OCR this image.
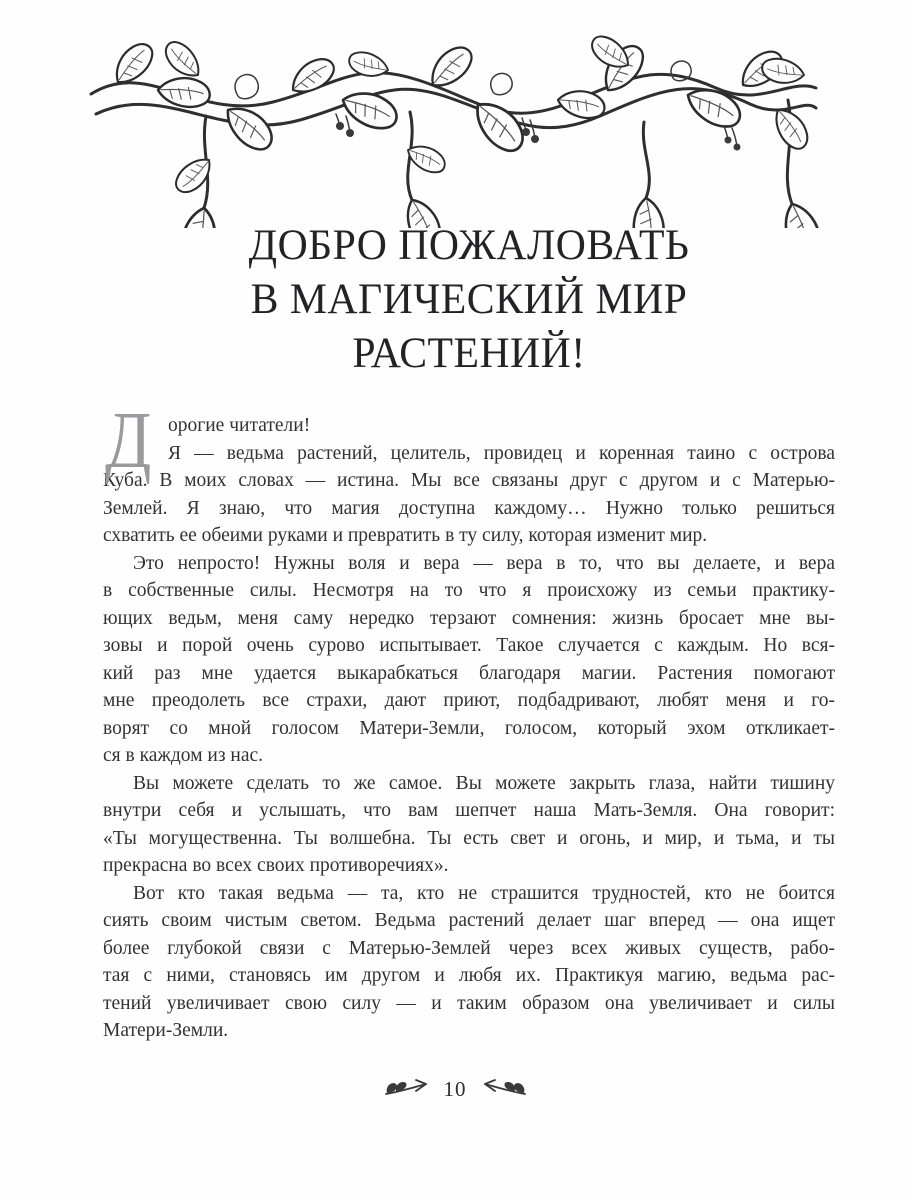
ДОБРО ПОЖАЛОВАТЬ
В МАГИЧЕСКИЙ МИР
РАСТЕНИЙ!
Д орогие читатели!
Я — ведьма растений, целитель, провидец и коренная таино с острова
Куба. В моих словах — истина. Мы все связаны друг с другом и с Матерью-
Землей. Я знаю, что магия доступна каждому… Нужно только решиться
схватить ее обеими руками и превратить в ту силу, которая изменит мир.
Это непросто! Нужны воля и вера — вера в то, что вы делаете, и вера
в собственные силы. Несмотря на то что я происхожу из семьи практику-
ющих ведьм, меня саму нередко терзают сомнения: жизнь бросает мне вы-
зовы и порой очень сурово испытывает. Такое случается с каждым. Но вся-
кий раз мне удается выкарабкаться благодаря магии. Растения помогают
мне преодолеть все страхи, дают приют, подбадривают, любят меня и го-
ворят со мной голосом Матери-Земли, голосом, который эхом откликает-
ся в каждом из нас.
Вы можете сделать то же самое. Вы можете закрыть глаза, найти тишину
внутри себя и услышать, что вам шепчет наша Мать-Земля. Она говорит:
«Ты могущественна. Ты волшебна. Ты есть свет и огонь, и мир, и тьма, и ты
прекрасна во всех своих противоречиях».
Вот кто такая ведьма — та, кто не страшится трудностей, кто не боится
сиять своим чистым светом. Ведьма растений делает шаг вперед — она ищет
более глубокой связи с Матерью-Землей через всех живых существ, рабо-
тая с ними, становясь им другом и любя их. Практикуя магию, ведьма рас-
тений увеличивает свою силу — и таким образом она увеличивает и силы
Матери-Земли.
10
